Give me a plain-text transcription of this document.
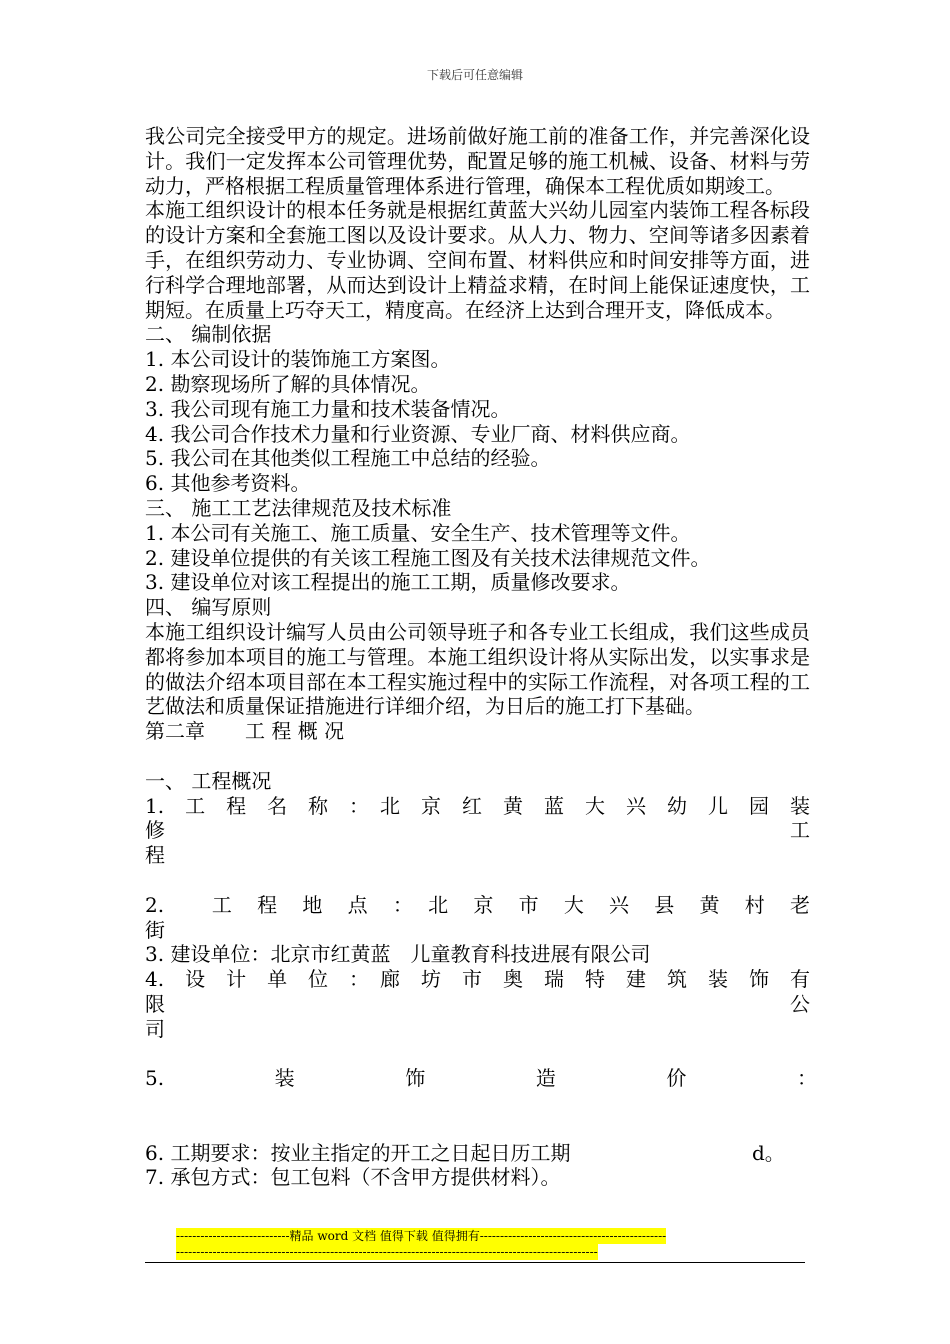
下载后可任意编辑

我公司完全接受甲方的规定。进场前做好施工前的准备工作，并完善深化设计。我们一定发挥本公司管理优势，配置足够的施工机械、设备、材料与劳动力，严格根据工程质量管理体系进行管理，确保本工程优质如期竣工。

本施工组织设计的根本任务就是根据红黄蓝大兴幼儿园室内装饰工程各标段的设计方案和全套施工图以及设计要求。从人力、物力、空间等诸多因素着手，在组织劳动力、专业协调、空间布置、材料供应和时间安排等方面，进行科学合理地部署，从而达到设计上精益求精，在时间上能保证速度快，工期短。在质量上巧夺天工，精度高。在经济上达到合理开支，降低成本。

二、 编制依据

1. 本公司设计的装饰施工方案图。

2. 勘察现场所了解的具体情况。

3. 我公司现有施工力量和技术装备情况。

4. 我公司合作技术力量和行业资源、专业厂商、材料供应商。

5. 我公司在其他类似工程施工中总结的经验。

6. 其他参考资料。

三、 施工工艺法律规范及技术标准

1. 本公司有关施工、施工质量、安全生产、技术管理等文件。

2. 建设单位提供的有关该工程施工图及有关技术法律规范文件。

3. 建设单位对该工程提出的施工工期，质量修改要求。

四、 编写原则

本施工组织设计编写人员由公司领导班子和各专业工长组成，我们这些成员都将参加本项目的施工与管理。本施工组织设计将从实际出发，以实事求是的做法介绍本项目部在本工程实施过程中的实际工作流程，对各项工程的工艺做法和质量保证措施进行详细介绍，为日后的施工打下基础。

第二章　　工 程 概 况

一、 工程概况

1.　工　程　名　称　：　北　京　红　黄　蓝　大　兴　幼　儿　园　装　修　工

程

2.　　工　程　地　点　：　北　京　市　大　兴　县　黄　村　老

街

3. 建设单位：北京市红黄蓝　儿童教育科技进展有限公司

4.　设　计　单　位　：　廊　坊　市　奥　瑞　特　建　筑　装　饰　有　限　公

司

5.	装	饰	造	价	：
6. 工期要求：按业主指定的开工之日起日历工期	d。

7. 承包方式：包工包料（不含甲方提供材料）。

----------------------------精品 word 文档 值得下载 值得拥有----------------------------------------------
--------------------------------------------------------------------------------------------------------
